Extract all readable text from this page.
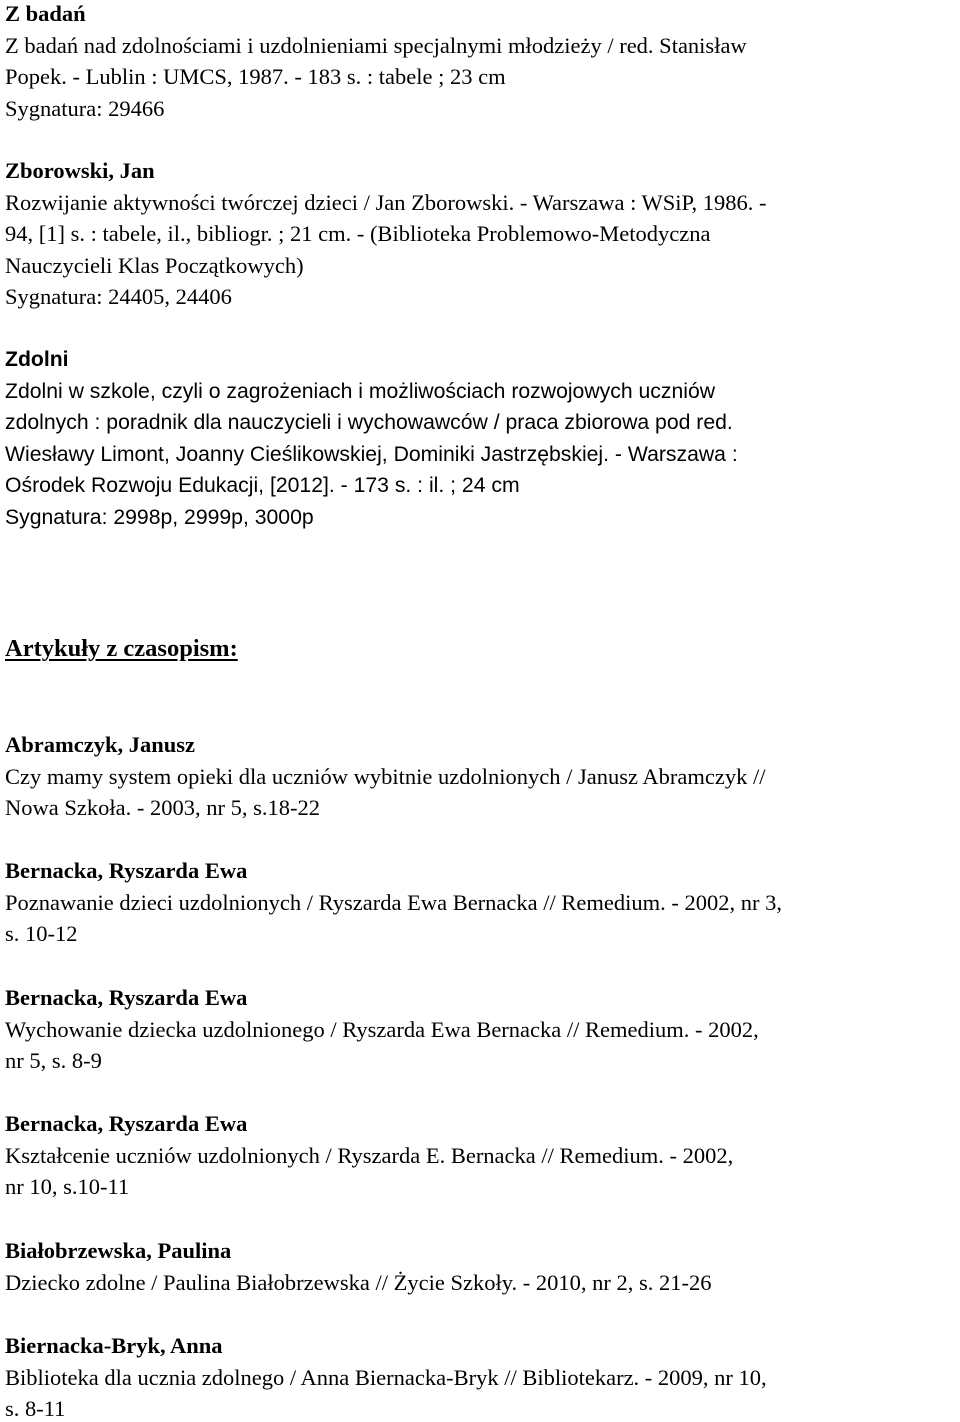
Z badań
Z badań nad zdolnościami i uzdolnieniami specjalnymi młodzieży / red. Stanisław
Popek. - Lublin : UMCS, 1987. - 183 s. : tabele ; 23 cm
Sygnatura: 29466
Zborowski, Jan
Rozwijanie aktywności twórczej dzieci / Jan Zborowski. - Warszawa : WSiP, 1986. -
94, [1] s. : tabele, il., bibliogr. ; 21 cm. - (Biblioteka Problemowo-Metodyczna
Nauczycieli Klas Początkowych)
Sygnatura: 24405, 24406
Zdolni
Zdolni w szkole, czyli o zagrożeniach i możliwościach rozwojowych uczniów
zdolnych : poradnik dla nauczycieli i wychowawców / praca zbiorowa pod red.
Wiesławy Limont, Joanny Cieślikowskiej, Dominiki Jastrzębskiej. - Warszawa :
Ośrodek Rozwoju Edukacji, [2012]. - 173 s. : il. ; 24 cm
Sygnatura: 2998p, 2999p, 3000p
Artykuły z czasopism:
Abramczyk, Janusz
Czy mamy system opieki dla uczniów wybitnie uzdolnionych / Janusz Abramczyk //
Nowa Szkoła. - 2003, nr 5, s.18-22
Bernacka, Ryszarda Ewa
Poznawanie dzieci uzdolnionych / Ryszarda Ewa Bernacka // Remedium. - 2002, nr 3,
s. 10-12
Bernacka, Ryszarda Ewa
Wychowanie dziecka uzdolnionego / Ryszarda Ewa Bernacka // Remedium. - 2002,
nr 5, s. 8-9
Bernacka, Ryszarda Ewa
Kształcenie uczniów uzdolnionych / Ryszarda E. Bernacka // Remedium. - 2002,
nr 10, s.10-11
Białobrzewska, Paulina
Dziecko zdolne / Paulina Białobrzewska // Życie Szkoły. - 2010, nr 2, s. 21-26
Biernacka-Bryk, Anna
Biblioteka dla ucznia zdolnego / Anna Biernacka-Bryk // Bibliotekarz. - 2009, nr 10,
s. 8-11
